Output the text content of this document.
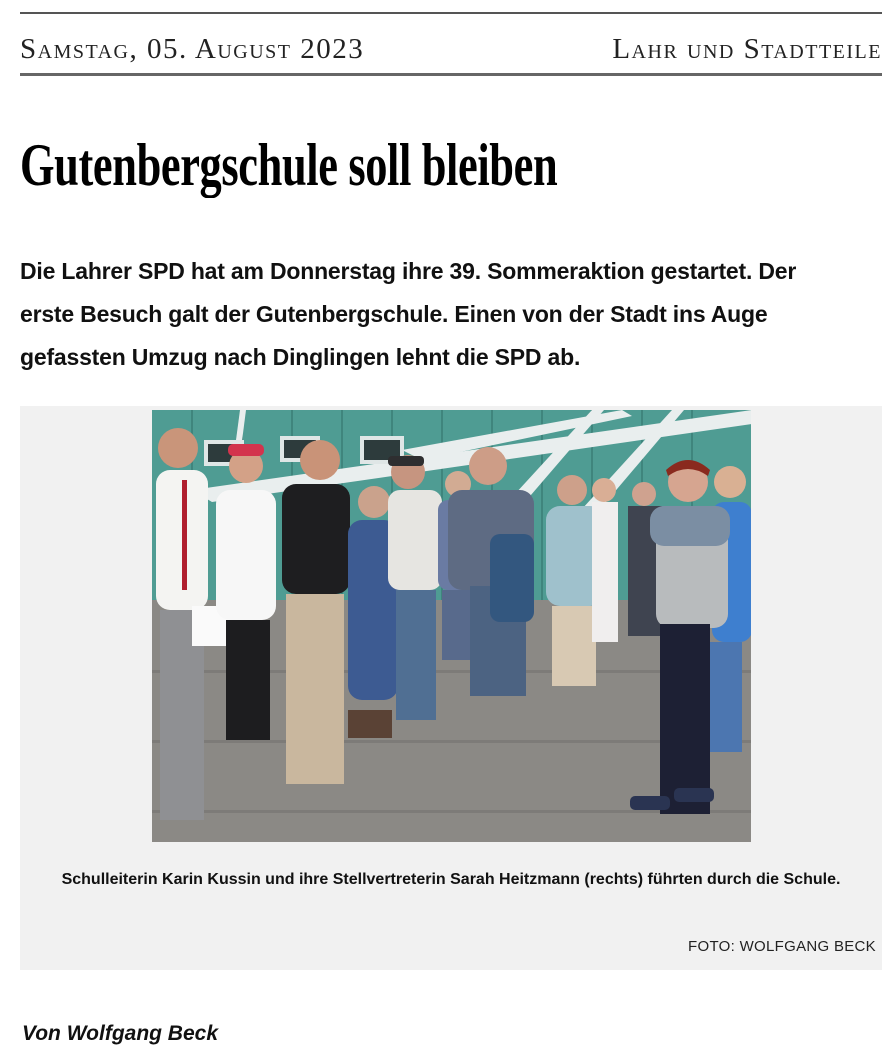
Samstag, 05. August 2023	Lahr und Stadtteile
Gutenbergschule soll bleiben
Die Lahrer SPD hat am Donnerstag ihre 39. Sommeraktion gestartet. Der erste Besuch galt der Gutenbergschule. Einen von der Stadt ins Auge gefassten Umzug nach Dinglingen lehnt die SPD ab.
Schulleiterin Karin Kussin und ihre Stellvertreterin Sarah Heitzmann (rechts) führten durch die Schule.
FOTO: WOLFGANG BECK
Von Wolfgang Beck
